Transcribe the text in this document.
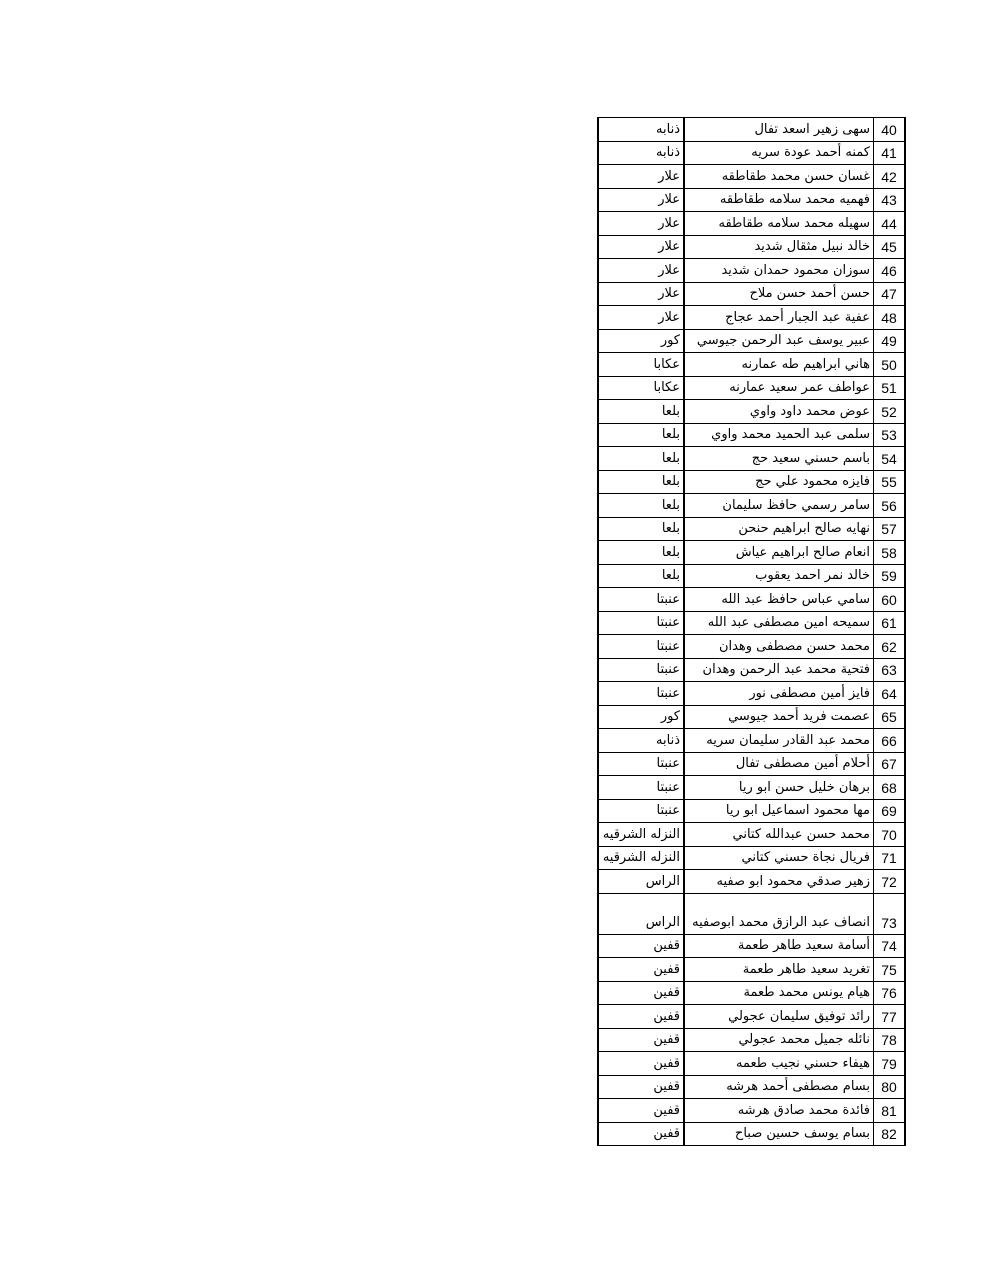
40	سهى زهير اسعد تفال	ذنابه
41	كمنه أحمد عودة سريه	ذنابه
42	غسان حسن محمد طقاطقه	علار
43	فهميه محمد سلامه طقاطقه	علار
44	سهيله محمد سلامه طقاطقه	علار
45	خالد نبيل مثقال شديد	علار
46	سوزان محمود حمدان شديد	علار
47	حسن أحمد حسن ملاح	علار
48	عفية عبد الجبار أحمد عجاج	علار
49	عبير يوسف عبد الرحمن جيوسي	كور
50	هاني ابراهيم طه عمارنه	عكابا
51	عواطف عمر سعيد عمارنه	عكابا
52	عوض محمد داود واوي	بلعا
53	سلمى عبد الحميد محمد واوي	بلعا
54	باسم حسني سعيد حج	بلعا
55	فايزه محمود علي حج	بلعا
56	سامر رسمي حافظ سليمان	بلعا
57	نهايه صالح ابراهيم حنحن	بلعا
58	انعام صالح ابراهيم عياش	بلعا
59	خالد نمر احمد يعقوب	بلعا
60	سامي عباس حافظ عبد الله	عنبتا
61	سميحه امين مصطفى عبد الله	عنبتا
62	محمد حسن مصطفى وهدان	عنبتا
63	فتحية محمد عبد الرحمن وهدان	عنبتا
64	فايز أمين مصطفى نور	عنبتا
65	عصمت فريد أحمد جيوسي	كور
66	محمد عبد القادر سليمان سريه	ذنابه
67	أحلام أمين مصطفى تفال	عنبتا
68	برهان خليل حسن ابو ريا	عنبتا
69	مها محمود اسماعيل ابو ريا	عنبتا
70	محمد حسن عبدالله كتاني	النزله الشرقيه
71	فريال نجاة حسني كتاني	النزله الشرقيه
72	زهير صدقي محمود ابو صفيه	الراس
73	انصاف عبد الرازق محمد ابوصفيه	الراس
74	أسامة سعيد طاهر طعمة	قفين
75	تغريد سعيد طاهر طعمة	قفين
76	هيام يونس محمد طعمة	قفين
77	رائد توفيق سليمان عجولي	قفين
78	نائله جميل محمد عجولي	قفين
79	هيفاء حسني نجيب طعمه	قفين
80	بسام مصطفى أحمد هرشه	قفين
81	فائدة محمد صادق هرشه	قفين
82	بسام يوسف حسين صباح	قفين
